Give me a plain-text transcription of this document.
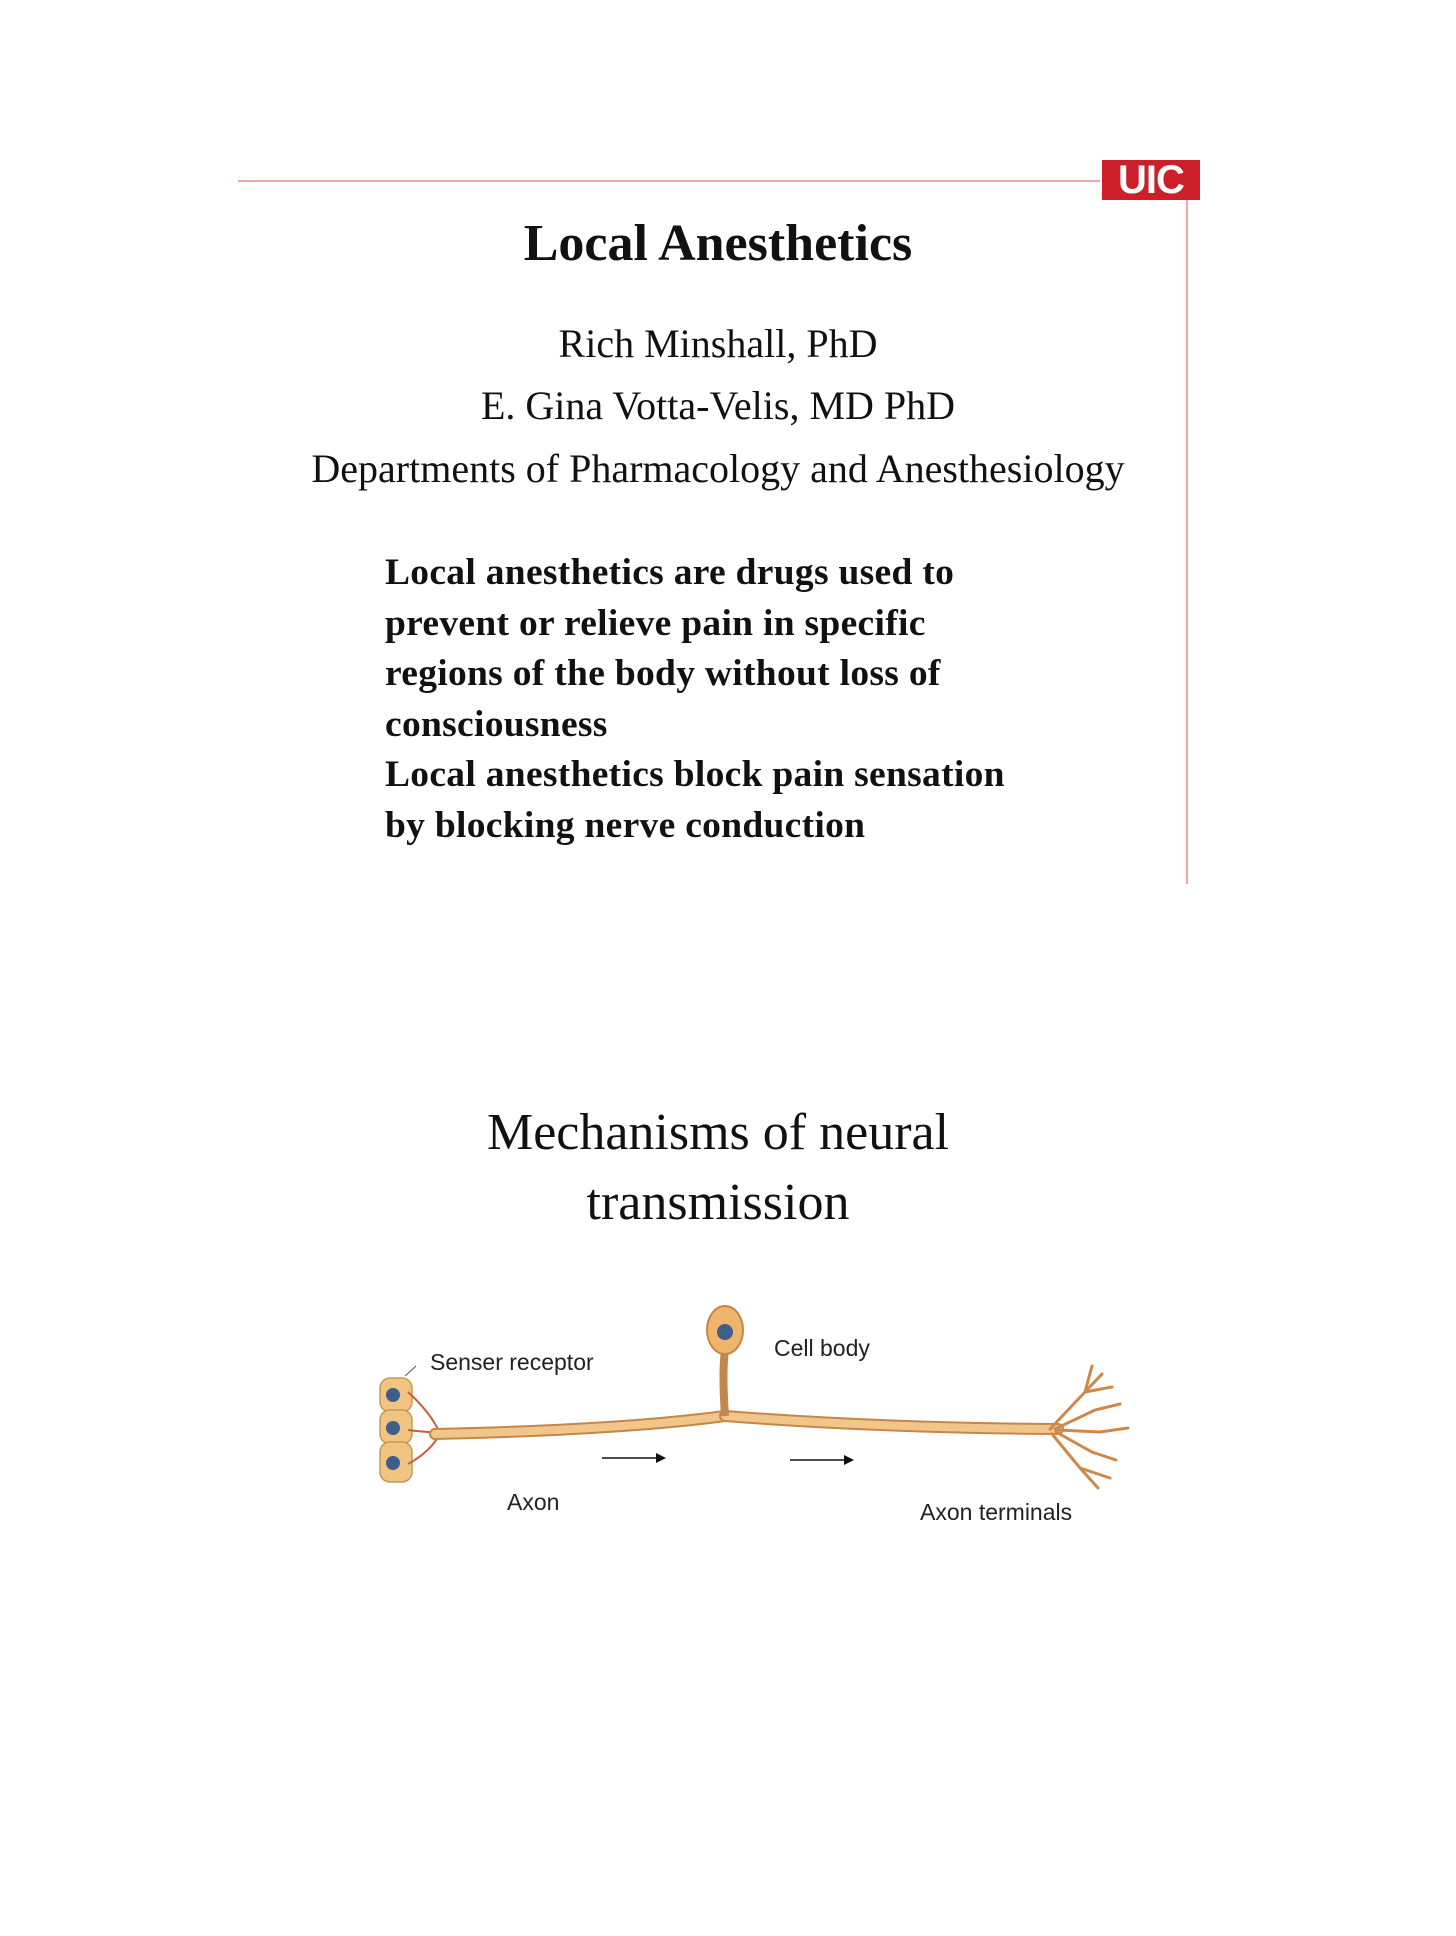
UIC
Local Anesthetics
Rich Minshall, PhD
E. Gina Votta-Velis, MD PhD
Departments of Pharmacology and Anesthesiology

Local anesthetics are drugs used to

prevent or relieve pain in specific

regions of the body without loss of

consciousness

Local anesthetics block pain sensation

by blocking nerve conduction

Mechanisms of neural
transmission
Senser receptor
Cell body
Axon	Axon terminals
